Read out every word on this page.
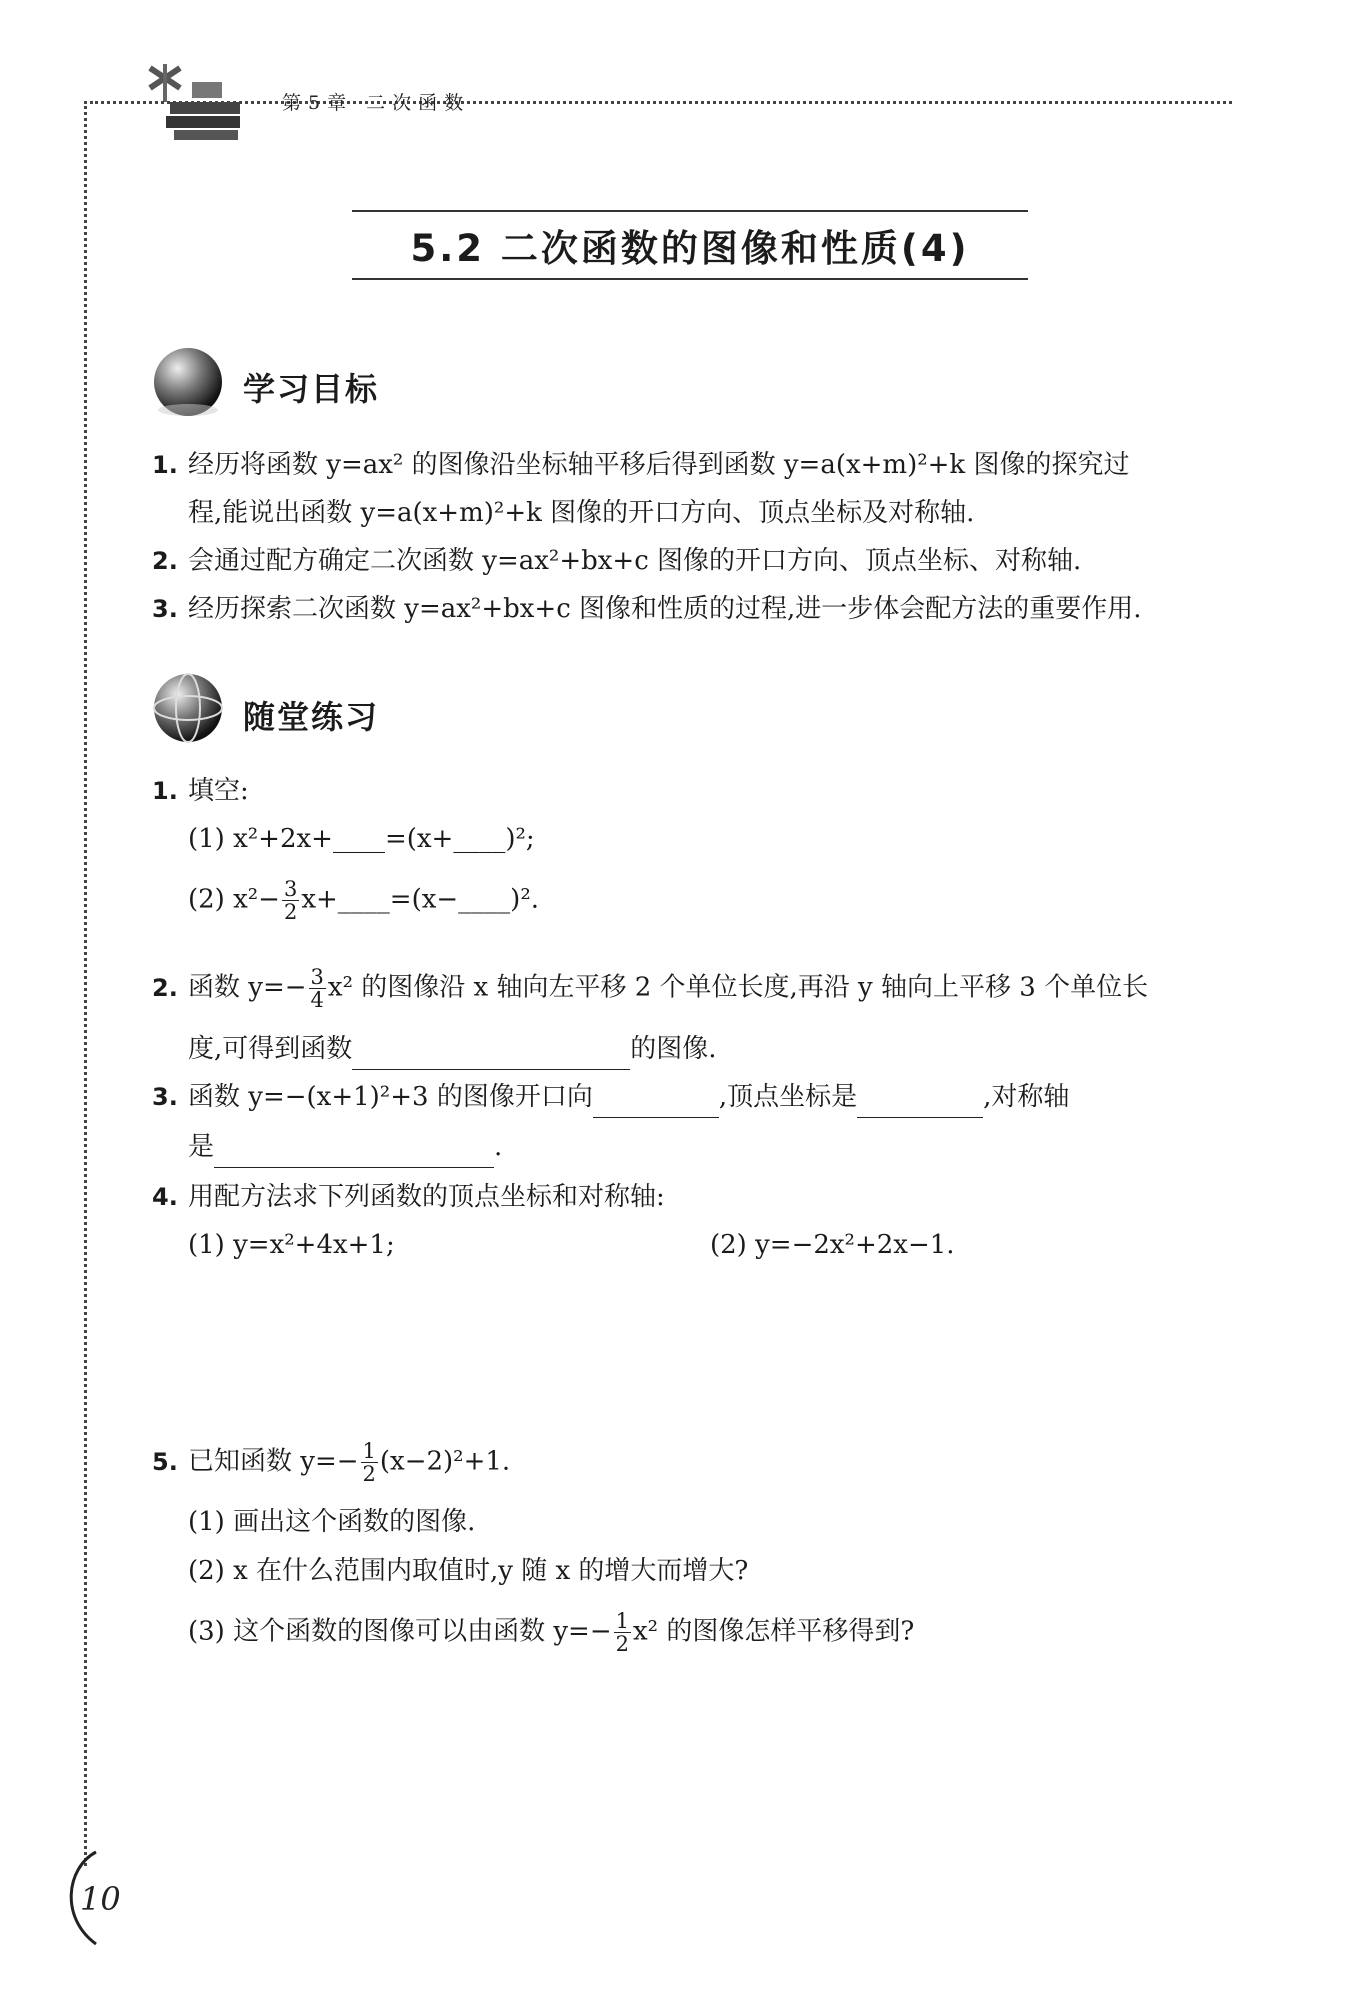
第5章 二次函数
5.2 二次函数的图像和性质(4)
学习目标
1. 经历将函数 y=ax² 的图像沿坐标轴平移后得到函数 y=a(x+m)²+k 图像的探究过
程,能说出函数 y=a(x+m)²+k 图像的开口方向、顶点坐标及对称轴.
2. 会通过配方确定二次函数 y=ax²+bx+c 图像的开口方向、顶点坐标、对称轴.
3. 经历探索二次函数 y=ax²+bx+c 图像和性质的过程,进一步体会配方法的重要作用.
随堂练习
1. 填空:
(1) x²+2x+____=(x+____)²;
(2) $x^2- \frac{3}{2}$ x+____=(x−____)².
2. 函数 $y=- \frac{3}{4} x^2$ 的图像沿 x 轴向左平移 2 个单位长度,再沿 y 轴向上平移 3 个单位长
度,可得到函数	的图像.
3. 函数 y=−(x+1)²+3 的图像开口向	,顶点坐标是	,对称轴
是	.
4. 用配方法求下列函数的顶点坐标和对称轴:
(1) y=x²+4x+1;	(2) y=−2x²+2x−1.
5. 已知函数 $y=- \frac{1}{2} (x-2)^2+1$.
(1) 画出这个函数的图像.
(2) x 在什么范围内取值时,y 随 x 的增大而增大?
(3) 这个函数的图像可以由函数 $y=- \frac{1}{2} x^2$ 的图像怎样平移得到?
10
